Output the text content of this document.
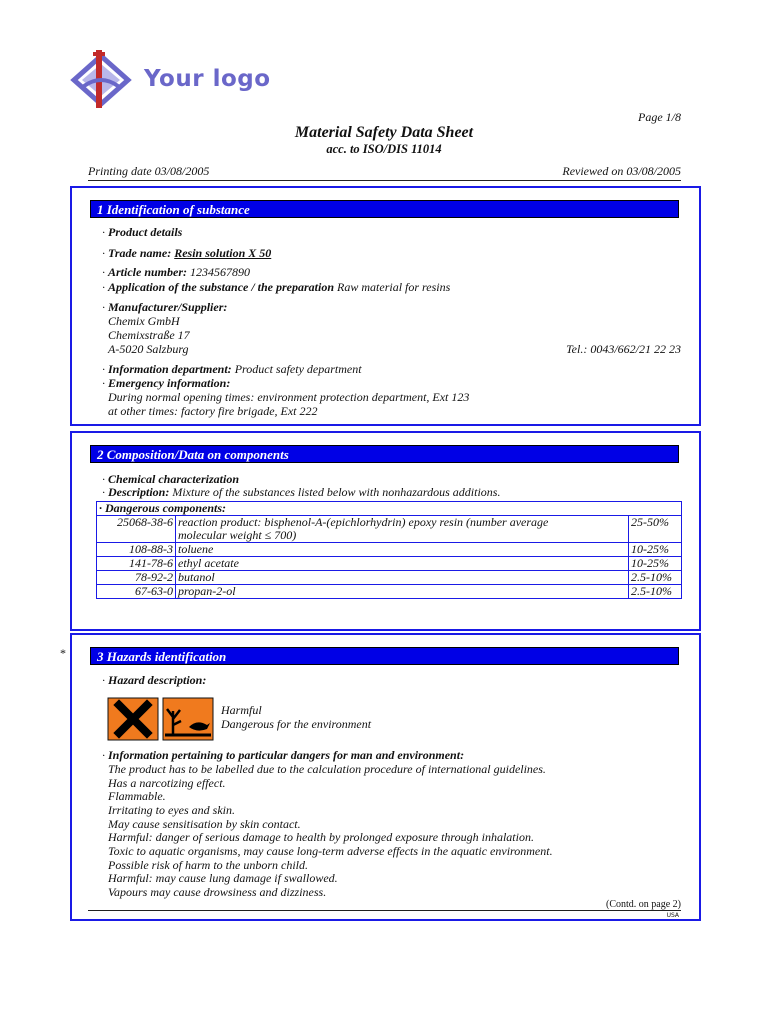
Your logo
Page 1/8
Material Safety Data Sheet
acc. to ISO/DIS 11014
Printing date 03/08/2005	Reviewed on 03/08/2005
1 Identification of substance
· Product details
· Trade name: Resin solution X 50
· Article number: 1234567890
· Application of the substance / the preparation Raw material for resins
· Manufacturer/Supplier:
Chemix GmbH
Chemixstraße 17
A-5020 Salzburg	Tel.: 0043/662/21 22 23
· Information department: Product safety department
· Emergency information:
During normal opening times: environment protection department, Ext 123
at other times: factory fire brigade, Ext 222
2 Composition/Data on components
· Chemical characterization
· Description: Mixture of the substances listed below with nonhazardous additions.
· Dangerous components:		
25068-38-6	reaction product: bisphenol-A-(epichlorhydrin) epoxy resin (number average
molecular weight ≤ 700)	25-50%
108-88-3	toluene	10-25%
141-78-6	ethyl acetate	10-25%
78-92-2	butanol	2.5-10%
67-63-0	propan-2-ol	2.5-10%
*	3 Hazards identification
· Hazard description:
Harmful
Dangerous for the environment
· Information pertaining to particular dangers for man and environment:
The product has to be labelled due to the calculation procedure of international guidelines.
Has a narcotizing effect.
Flammable.
Irritating to eyes and skin.
May cause sensitisation by skin contact.
Harmful: danger of serious damage to health by prolonged exposure through inhalation.
Toxic to aquatic organisms, may cause long-term adverse effects in the aquatic environment.
Possible risk of harm to the unborn child.
Harmful: may cause lung damage if swallowed.
Vapours may cause drowsiness and dizziness.
(Contd. on page 2)
USA
